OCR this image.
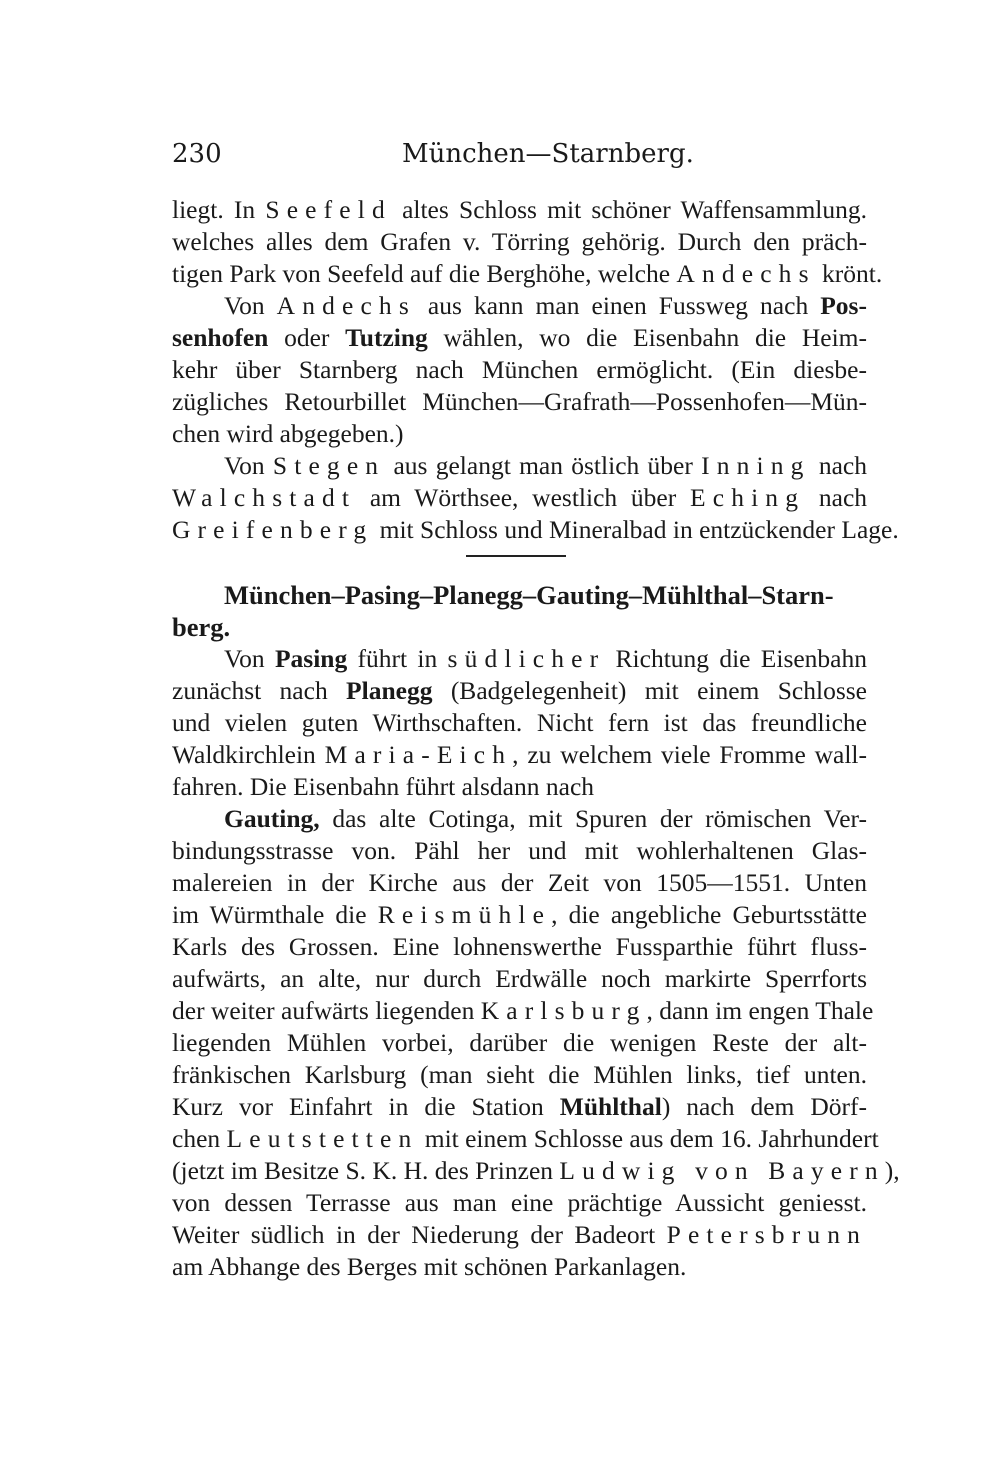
230	München—Starnberg.
liegt. In Seefeld altes Schloss mit schöner Waffensammlung.
welches alles dem Grafen v. Törring gehörig. Durch den präch-
tigen Park von Seefeld auf die Berghöhe, welche Andechs krönt.
Von Andechs aus kann man einen Fussweg nach Pos-
senhofen oder Tutzing wählen, wo die Eisenbahn die Heim-
kehr über Starnberg nach München ermöglicht. (Ein diesbe-
zügliches Retourbillet München—Grafrath—Possenhofen—Mün-
chen wird abgegeben.)
Von Stegen aus gelangt man östlich über Inning nach
Walchstadt am Wörthsee, westlich über Eching nach
Greifenberg mit Schloss und Mineralbad in entzückender Lage.
München–Pasing–Planegg–Gauting–Mühlthal–Starn-
berg.
Von Pasing führt in südlicher Richtung die Eisenbahn
zunächst nach Planegg (Badgelegenheit) mit einem Schlosse
und vielen guten Wirthschaften. Nicht fern ist das freundliche
Waldkirchlein Maria-Eich, zu welchem viele Fromme wall-
fahren. Die Eisenbahn führt alsdann nach
Gauting, das alte Cotinga, mit Spuren der römischen Ver-
bindungsstrasse von. Pähl her und mit wohlerhaltenen Glas-
malereien in der Kirche aus der Zeit von 1505—1551. Unten
im Würmthale die Reismühle, die angebliche Geburtsstätte
Karls des Grossen. Eine lohnenswerthe Fussparthie führt fluss-
aufwärts, an alte, nur durch Erdwälle noch markirte Sperrforts
der weiter aufwärts liegenden Karlsburg, dann im engen Thale
liegenden Mühlen vorbei, darüber die wenigen Reste der alt-
fränkischen Karlsburg (man sieht die Mühlen links, tief unten.
Kurz vor Einfahrt in die Station Mühlthal) nach dem Dörf-
chen Leutstetten mit einem Schlosse aus dem 16. Jahrhundert
(jetzt im Besitze S. K. H. des Prinzen Ludwig von Bayern),
von dessen Terrasse aus man eine prächtige Aussicht geniesst.
Weiter südlich in der Niederung der Badeort Petersbrunn
am Abhange des Berges mit schönen Parkanlagen.
